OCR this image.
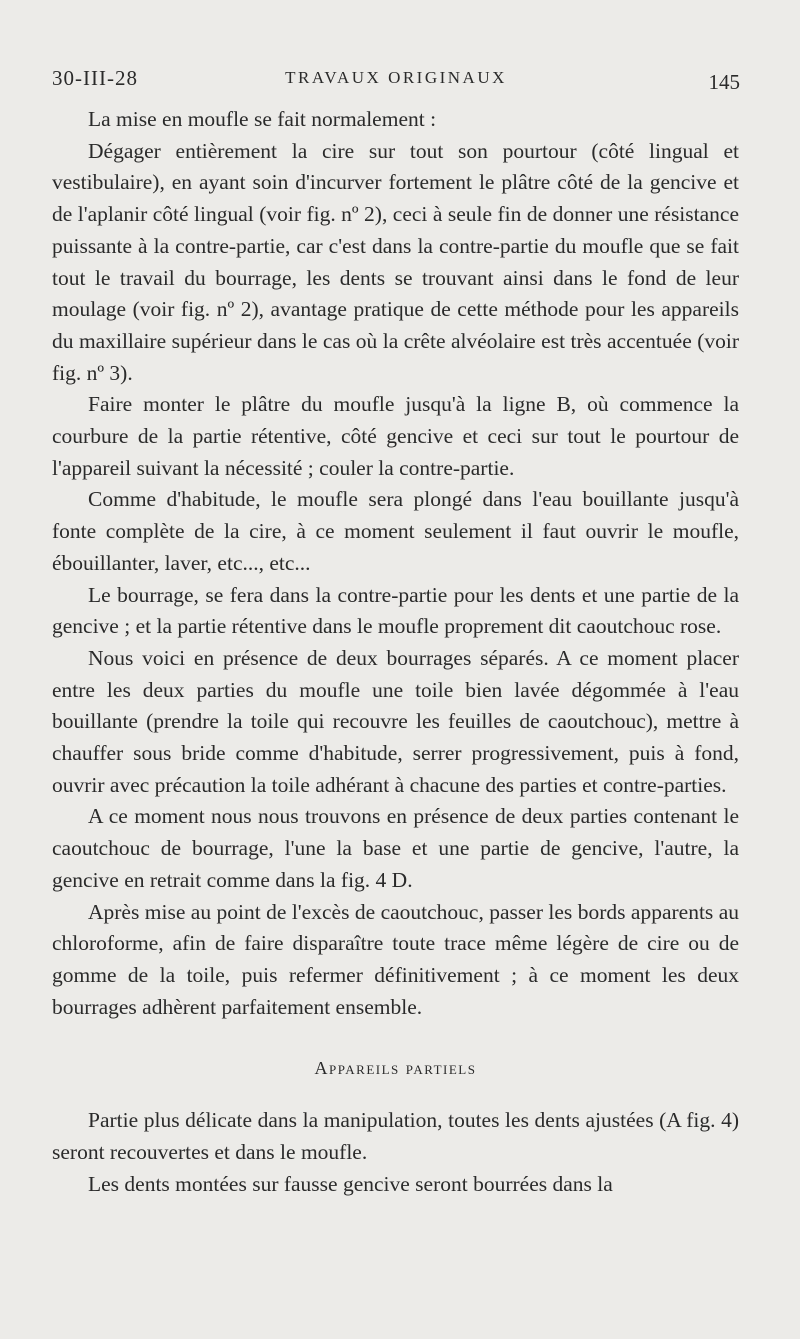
30-III-28	TRAVAUX ORIGINAUX	145

La mise en moufle se fait normalement :

Dégager entièrement la cire sur tout son pourtour (côté lingual et vestibulaire), en ayant soin d'incurver fortement le plâtre côté de la gencive et de l'aplanir côté lingual (voir fig. nº 2), ceci à seule fin de donner une résistance puissante à la contre-partie, car c'est dans la contre-partie du moufle que se fait tout le travail du bourrage, les dents se trouvant ainsi dans le fond de leur moulage (voir fig. nº 2), avantage pratique de cette méthode pour les appareils du maxillaire supérieur dans le cas où la crête alvéolaire est très accentuée (voir fig. nº 3).

Faire monter le plâtre du moufle jusqu'à la ligne B, où commence la courbure de la partie rétentive, côté gencive et ceci sur tout le pourtour de l'appareil suivant la nécessité ; couler la contre-partie.

Comme d'habitude, le moufle sera plongé dans l'eau bouillante jusqu'à fonte complète de la cire, à ce moment seulement il faut ouvrir le moufle, ébouillanter, laver, etc..., etc...

Le bourrage, se fera dans la contre-partie pour les dents et une partie de la gencive ; et la partie rétentive dans le moufle proprement dit caoutchouc rose.

Nous voici en présence de deux bourrages séparés. A ce moment placer entre les deux parties du moufle une toile bien lavée dégommée à l'eau bouillante (prendre la toile qui recouvre les feuilles de caoutchouc), mettre à chauffer sous bride comme d'habitude, serrer progressivement, puis à fond, ouvrir avec précaution la toile adhérant à chacune des parties et contre-parties.

A ce moment nous nous trouvons en présence de deux parties contenant le caoutchouc de bourrage, l'une la base et une partie de gencive, l'autre, la gencive en retrait comme dans la fig. 4 D.

Après mise au point de l'excès de caoutchouc, passer les bords apparents au chloroforme, afin de faire disparaître toute trace même légère de cire ou de gomme de la toile, puis refermer définitivement ; à ce moment les deux bourrages adhèrent parfaitement ensemble.

Appareils partiels

Partie plus délicate dans la manipulation, toutes les dents ajustées (A fig. 4) seront recouvertes et dans le moufle.

Les dents montées sur fausse gencive seront bourrées dans la
